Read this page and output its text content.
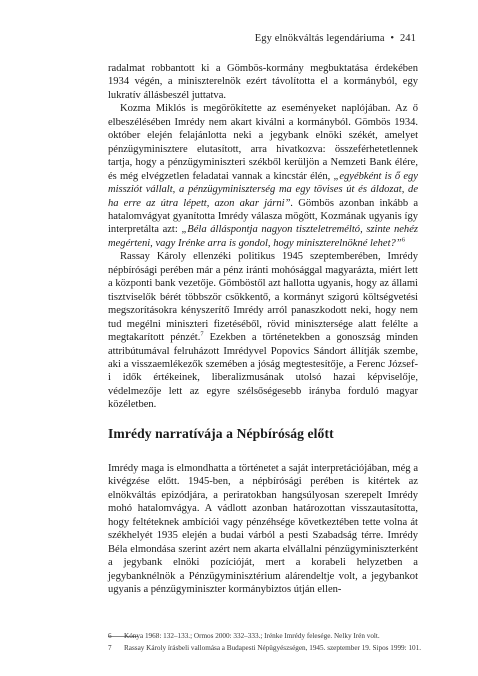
Egy elnökváltás legendáriuma • 241

radalmat robbantott ki a Gömbös-kormány megbuktatása érdekében 1934 végén, a miniszterelnök ezért távolította el a kormányból, egy lukratív állásbeszél juttatva.

Kozma Miklós is megörökítette az eseményeket naplójában. Az ő elbeszélésében Imrédy nem akart kiválni a kormányból. Gömbös 1934. október elején felajánlotta neki a jegybank elnöki székét, amelyet pénzügyminisztere elutasított, arra hivatkozva: összeférhetetlennek tartja, hogy a pénzügyminiszteri székből kerüljön a Nemzeti Bank élére, és még elvégzetlen feladatai vannak a kincstár élén, „egyébként is ő egy missziót vállalt, a pénzügyminiszterség ma egy tövises út és áldozat, de ha erre az útra lépett, azon akar járni”. Gömbös azonban inkább a hatalomvágyat gyanította Imrédy válasza mögött, Kozmának ugyanis így interpretálta azt: „Béla álláspontja nagyon tiszteletreméltó, szinte nehéz megérteni, vagy Irénke arra is gondol, hogy miniszterelnökné lehet?”$^6$

Rassay Károly ellenzéki politikus 1945 szeptemberében, Imrédy népbírósági perében már a pénz iránti mohósággal magyarázta, miért lett a központi bank vezetője. Gömböstől azt hallotta ugyanis, hogy az állami tisztviselők bérét többször csökkentő, a kormányt szigorú költségvetési megszorításokra kényszerítő Imrédy arról panaszkodott neki, hogy nem tud megélni miniszteri fizetéséből, rövid minisztersége alatt felélte a megtakarított pénzét.$^7$ Ezekben a történetekben a gonoszság minden attribútumával felruházott Imrédyvel Popovics Sándort állítják szembe, aki a visszaemlékezők szemében a jóság megtestesítője, a Ferenc József-i idők értékeinek, liberalizmusának utolsó hazai képviselője, védelmezője lett az egyre szélsőségesebb irányba forduló magyar közéletben.

Imrédy narratívája a Népbíróság előtt

Imrédy maga is elmondhatta a történetet a saját interpretációjában, még a kivégzése előtt. 1945-ben, a népbírósági perében is kitértek az elnökváltás epizódjára, a periratokban hangsúlyosan szerepelt Imrédy mohó hatalomvágya. A vádlott azonban határozottan visszautasította, hogy feltéteknek ambíciói vagy pénzéhsége következtében tette volna át székhelyét 1935 elején a budai várból a pesti Szabadság térre. Imrédy Béla elmondása szerint azért nem akarta elvállalni pénzügyminiszterként a jegybank elnöki pozícióját, mert a korabeli helyzetben a jegybanknélnök a Pénzügyminisztérium alárendeltje volt, a jegybankot ugyanis a pénzügyminiszter kormánybiztos útján ellen-

6 Kónya 1968: 132–133.; Ormos 2000: 332–333.; Irénke Imrédy felesége. Nelky Irén volt.
7 Rassay Károly írásbeli vallomása a Budapesti Népügyészségen, 1945. szeptember 19. Sipos 1999: 101.
